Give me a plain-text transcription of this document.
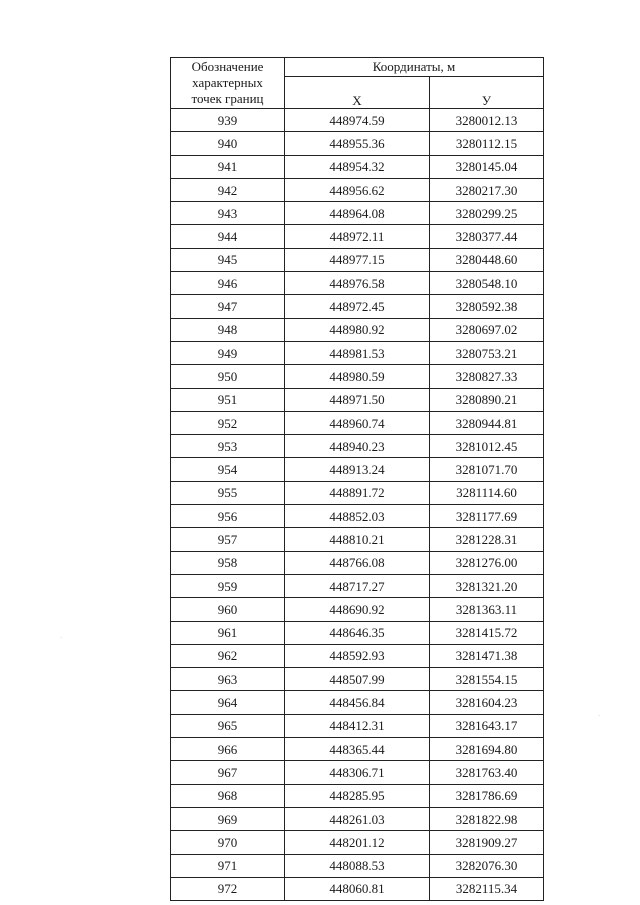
Обозначение
характерных
точек границ	Координаты, м	
	X	У
939	448974.59	3280012.13
940	448955.36	3280112.15
941	448954.32	3280145.04
942	448956.62	3280217.30
943	448964.08	3280299.25
944	448972.11	3280377.44
945	448977.15	3280448.60
946	448976.58	3280548.10
947	448972.45	3280592.38
948	448980.92	3280697.02
949	448981.53	3280753.21
950	448980.59	3280827.33
951	448971.50	3280890.21
952	448960.74	3280944.81
953	448940.23	3281012.45
954	448913.24	3281071.70
955	448891.72	3281114.60
956	448852.03	3281177.69
957	448810.21	3281228.31
958	448766.08	3281276.00
959	448717.27	3281321.20
960	448690.92	3281363.11
961	448646.35	3281415.72
962	448592.93	3281471.38
963	448507.99	3281554.15
964	448456.84	3281604.23
965	448412.31	3281643.17
966	448365.44	3281694.80
967	448306.71	3281763.40
968	448285.95	3281786.69
969	448261.03	3281822.98
970	448201.12	3281909.27
971	448088.53	3282076.30
972	448060.81	3282115.34
·
·
